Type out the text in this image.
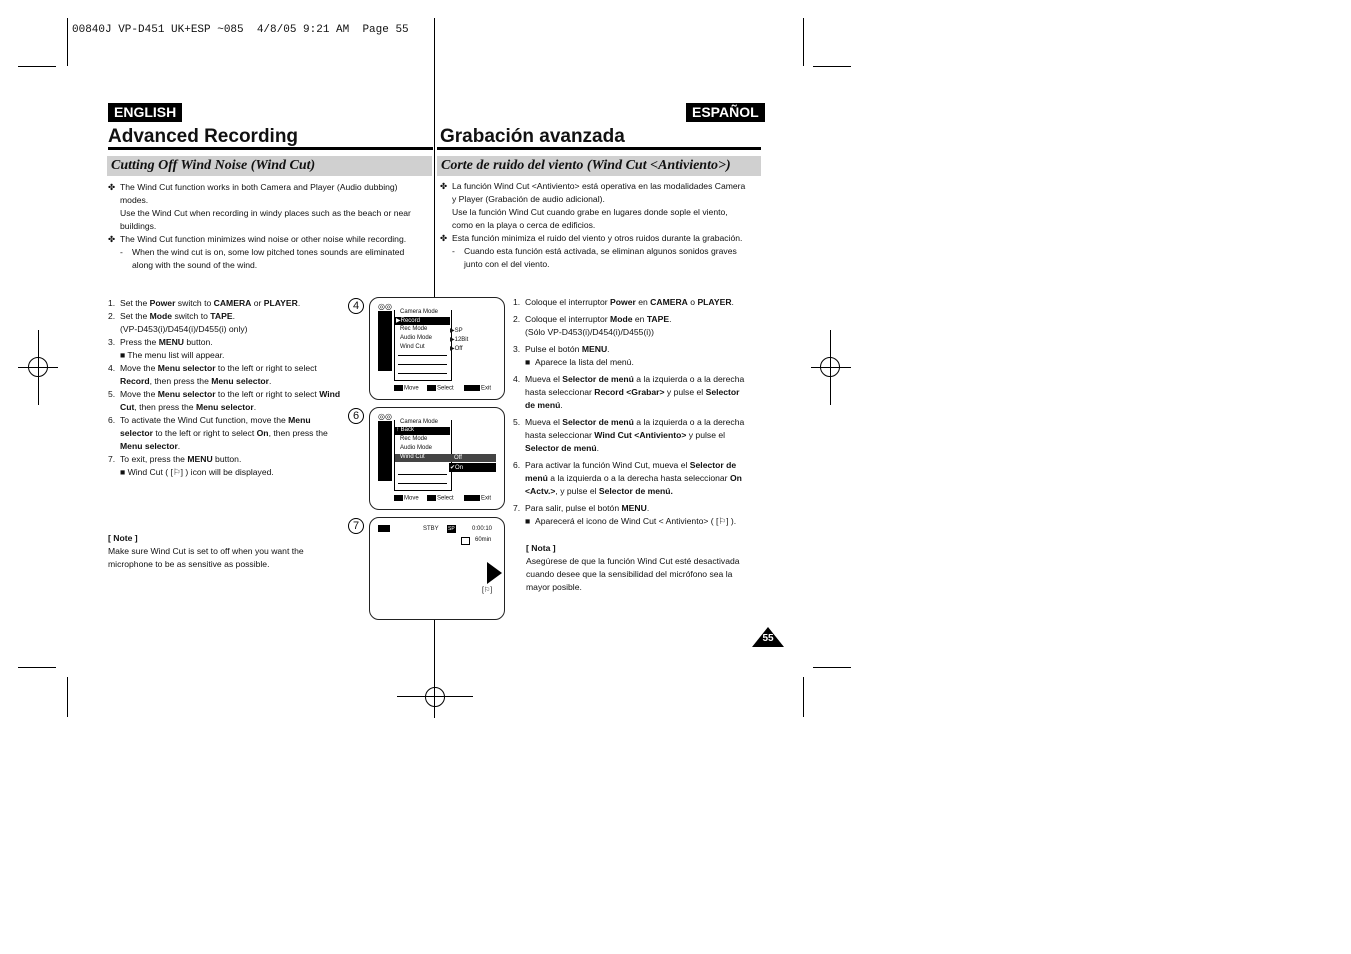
00840J VP-D451 UK+ESP ~085  4/8/05 9:21 AM  Page 55
ENGLISH
Advanced Recording
Cutting Off Wind Noise (Wind Cut)
✤ The Wind Cut function works in both Camera and Player (Audio dubbing)
modes.
Use the Wind Cut when recording in windy places such as the beach or near
buildings.
✤ The Wind Cut function minimizes wind noise or other noise while recording.
- When the wind cut is on, some low pitched tones sounds are eliminated
along with the sound of the wind.
1. Set the Power switch to CAMERA or PLAYER.
2. Set the Mode switch to TAPE.
(VP-D453(i)/D454(i)/D455(i) only)
3. Press the MENU button.
■ The menu list will appear.
4. Move the Menu selector to the left or right to select
Record, then press the Menu selector.
5. Move the Menu selector to the left or right to select Wind
Cut, then press the Menu selector.
6. To activate the Wind Cut function, move the Menu
selector to the left or right to select On, then press the
Menu selector.
7. To exit, press the MENU button.
■ Wind Cut ( [⚐] ) icon will be displayed.
[ Note ]
Make sure Wind Cut is set to off when you want the
microphone to be as sensitive as possible.
4	◎◎
Camera Mode
▶Record
Rec Mode
Audio Mode
Wind Cut
▶SP
▶12Bit
▶Off
Move	Select	Exit
6	◎◎
Camera Mode
↑ Back
Rec Mode
Audio Mode
Wind Cut	Off
✔On
Move	Select	Exit
7	STBY SP	0:00:10
60min
[⚐]
ESPAÑOL
Grabación avanzada
Corte de ruido del viento (Wind Cut <Antiviento>)
✤ La función Wind Cut <Antiviento> está operativa en las modalidades Camera
y Player (Grabación de audio adicional).
Use la función Wind Cut cuando grabe en lugares donde sople el viento,
como en la playa o cerca de edificios.
✤ Esta función minimiza el ruido del viento y otros ruidos durante la grabación.
- Cuando esta función está activada, se eliminan algunos sonidos graves
junto con el del viento.
1. Coloque el interruptor Power en CAMERA o PLAYER.
2. Coloque el interruptor Mode en TAPE.
(Sólo VP-D453(i)/D454(i)/D455(i))
3. Pulse el botón MENU.
■  Aparece la lista del menú.
4. Mueva el Selector de menú a la izquierda o a la derecha
hasta seleccionar Record <Grabar> y pulse el Selector
de menú.
5. Mueva el Selector de menú a la izquierda o a la derecha
hasta seleccionar Wind Cut <Antiviento> y pulse el
Selector de menú.
6. Para activar la función Wind Cut, mueva el Selector de
menú a la izquierda o a la derecha hasta seleccionar On
<Actv.>, y pulse el Selector de menú.
7. Para salir, pulse el botón MENU.
■  Aparecerá el icono de Wind Cut < Antiviento> ( [⚐] ).
[ Nota ]
Asegúrese de que la función Wind Cut esté desactivada
cuando desee que la sensibilidad del micrófono sea la
mayor posible.
55
